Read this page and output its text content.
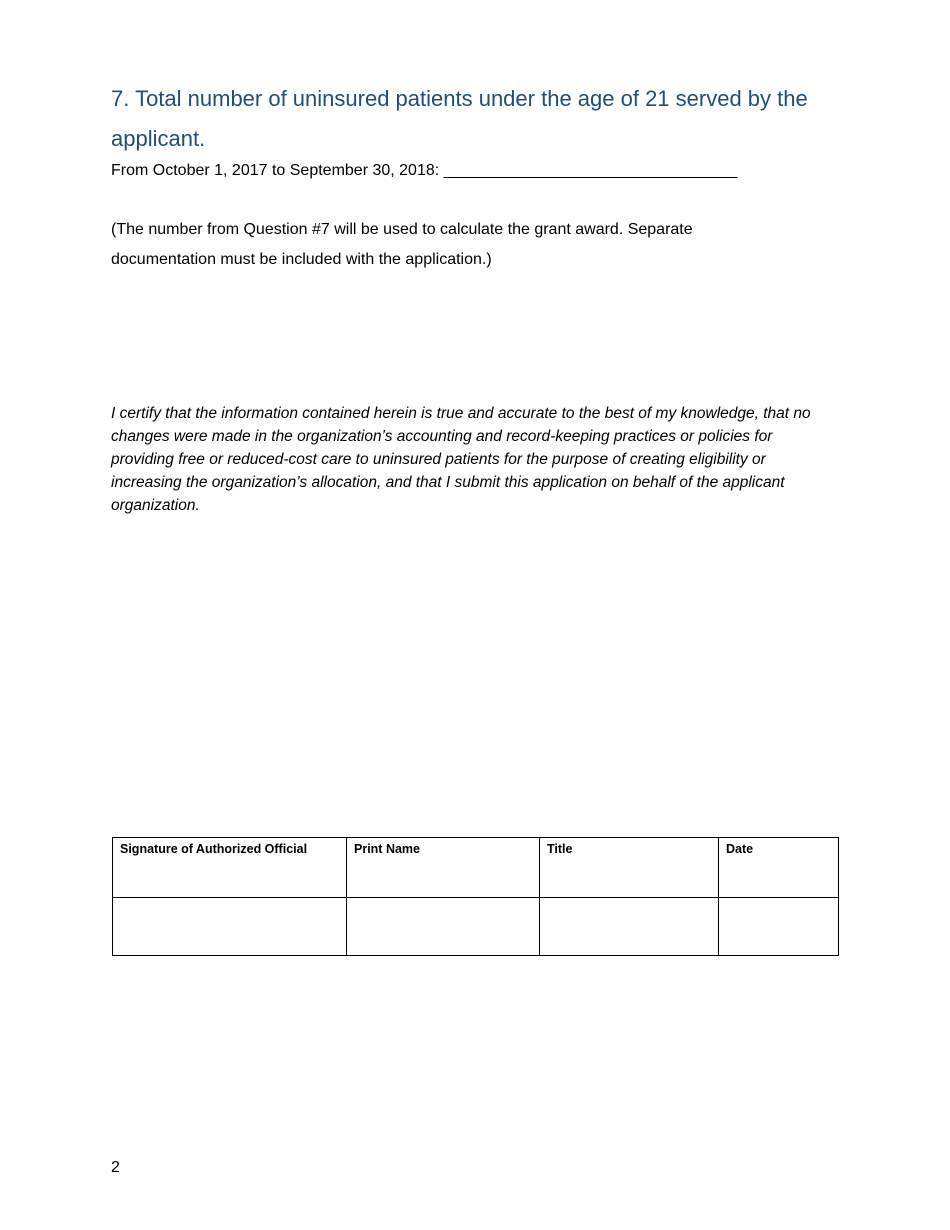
7. Total number of uninsured patients under the age of 21 served by the applicant.
From October 1, 2017 to September 30, 2018: _________________________________
(The number from Question #7 will be used to calculate the grant award. Separate documentation must be included with the application.)
I certify that the information contained herein is true and accurate to the best of my knowledge, that no changes were made in the organization’s accounting and record-keeping practices or policies for providing free or reduced-cost care to uninsured patients for the purpose of creating eligibility or increasing the organization’s allocation, and that I submit this application on behalf of the applicant organization.
Signature of Authorized Official	Print Name	Title	Date

2
